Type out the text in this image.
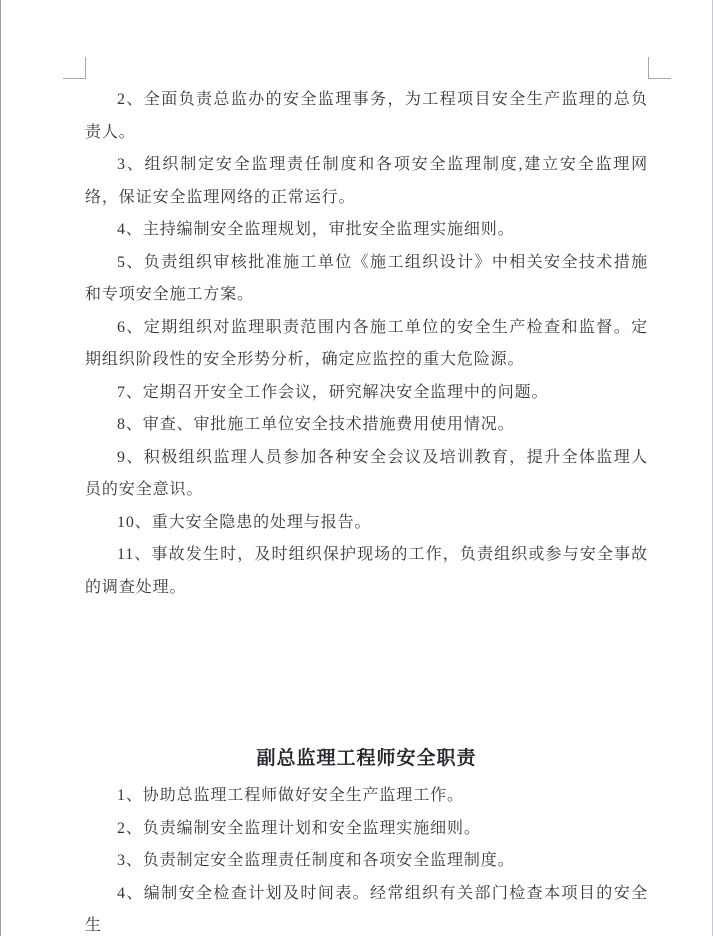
2、全面负责总监办的安全监理事务，为工程项目安全生产监理的总负责人。

3、组织制定安全监理责任制度和各项安全监理制度,建立安全监理网络，保证安全监理网络的正常运行。

4、主持编制安全监理规划，审批安全监理实施细则。

5、负责组织审核批准施工单位《施工组织设计》中相关安全技术措施和专项安全施工方案。

6、定期组织对监理职责范围内各施工单位的安全生产检查和监督。定期组织阶段性的安全形势分析，确定应监控的重大危险源。

7、定期召开安全工作会议，研究解决安全监理中的问题。

8、审查、审批施工单位安全技术措施费用使用情况。

9、积极组织监理人员参加各种安全会议及培训教育，提升全体监理人员的安全意识。

10、重大安全隐患的处理与报告。

11、事故发生时，及时组织保护现场的工作，负责组织或参与安全事故的调查处理。

副总监理工程师安全职责

1、协助总监理工程师做好安全生产监理工作。

2、负责编制安全监理计划和安全监理实施细则。

3、负责制定安全监理责任制度和各项安全监理制度。

4、编制安全检查计划及时间表。经常组织有关部门检查本项目的安全生
